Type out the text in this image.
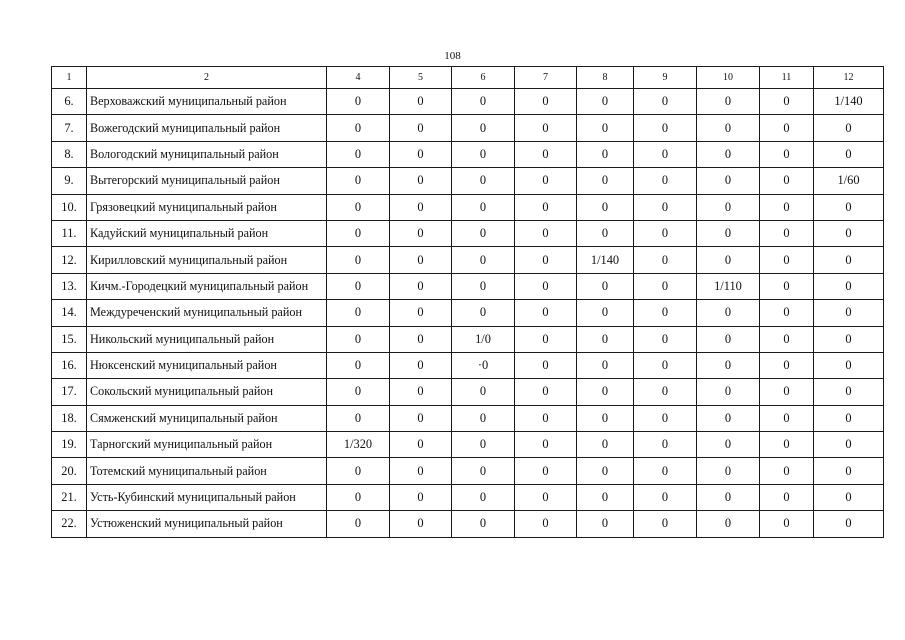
108
1	2	4	5	6	7	8	9	10	11	12
6.	Верховажский муниципальный район	0	0	0	0	0	0	0	0	1/140
7.	Вожегодский муниципальный район	0	0	0	0	0	0	0	0	0
8.	Вологодский муниципальный район	0	0	0	0	0	0	0	0	0
9.	Вытегорский муниципальный район	0	0	0	0	0	0	0	0	1/60
10.	Грязовецкий муниципальный район	0	0	0	0	0	0	0	0	0
11.	Кадуйский муниципальный район	0	0	0	0	0	0	0	0	0
12.	Кирилловский муниципальный район	0	0	0	0	1/140	0	0	0	0
13.	Кичм.-Городецкий муниципальный район	0	0	0	0	0	0	1/110	0	0
14.	Междуреченский муниципальный район	0	0	0	0	0	0	0	0	0
15.	Никольский муниципальный район	0	0	1/0	0	0	0	0	0	0
16.	Нюксенский муниципальный район	0	0	·0	0	0	0	0	0	0
17.	Сокольский муниципальный район	0	0	0	0	0	0	0	0	0
18.	Сямженский муниципальный район	0	0	0	0	0	0	0	0	0
19.	Тарногский муниципальный район	1/320	0	0	0	0	0	0	0	0
20.	Тотемский муниципальный район	0	0	0	0	0	0	0	0	0
21.	Усть-Кубинский муниципальный район	0	0	0	0	0	0	0	0	0
22.	Устюженский муниципальный район	0	0	0	0	0	0	0	0	0
